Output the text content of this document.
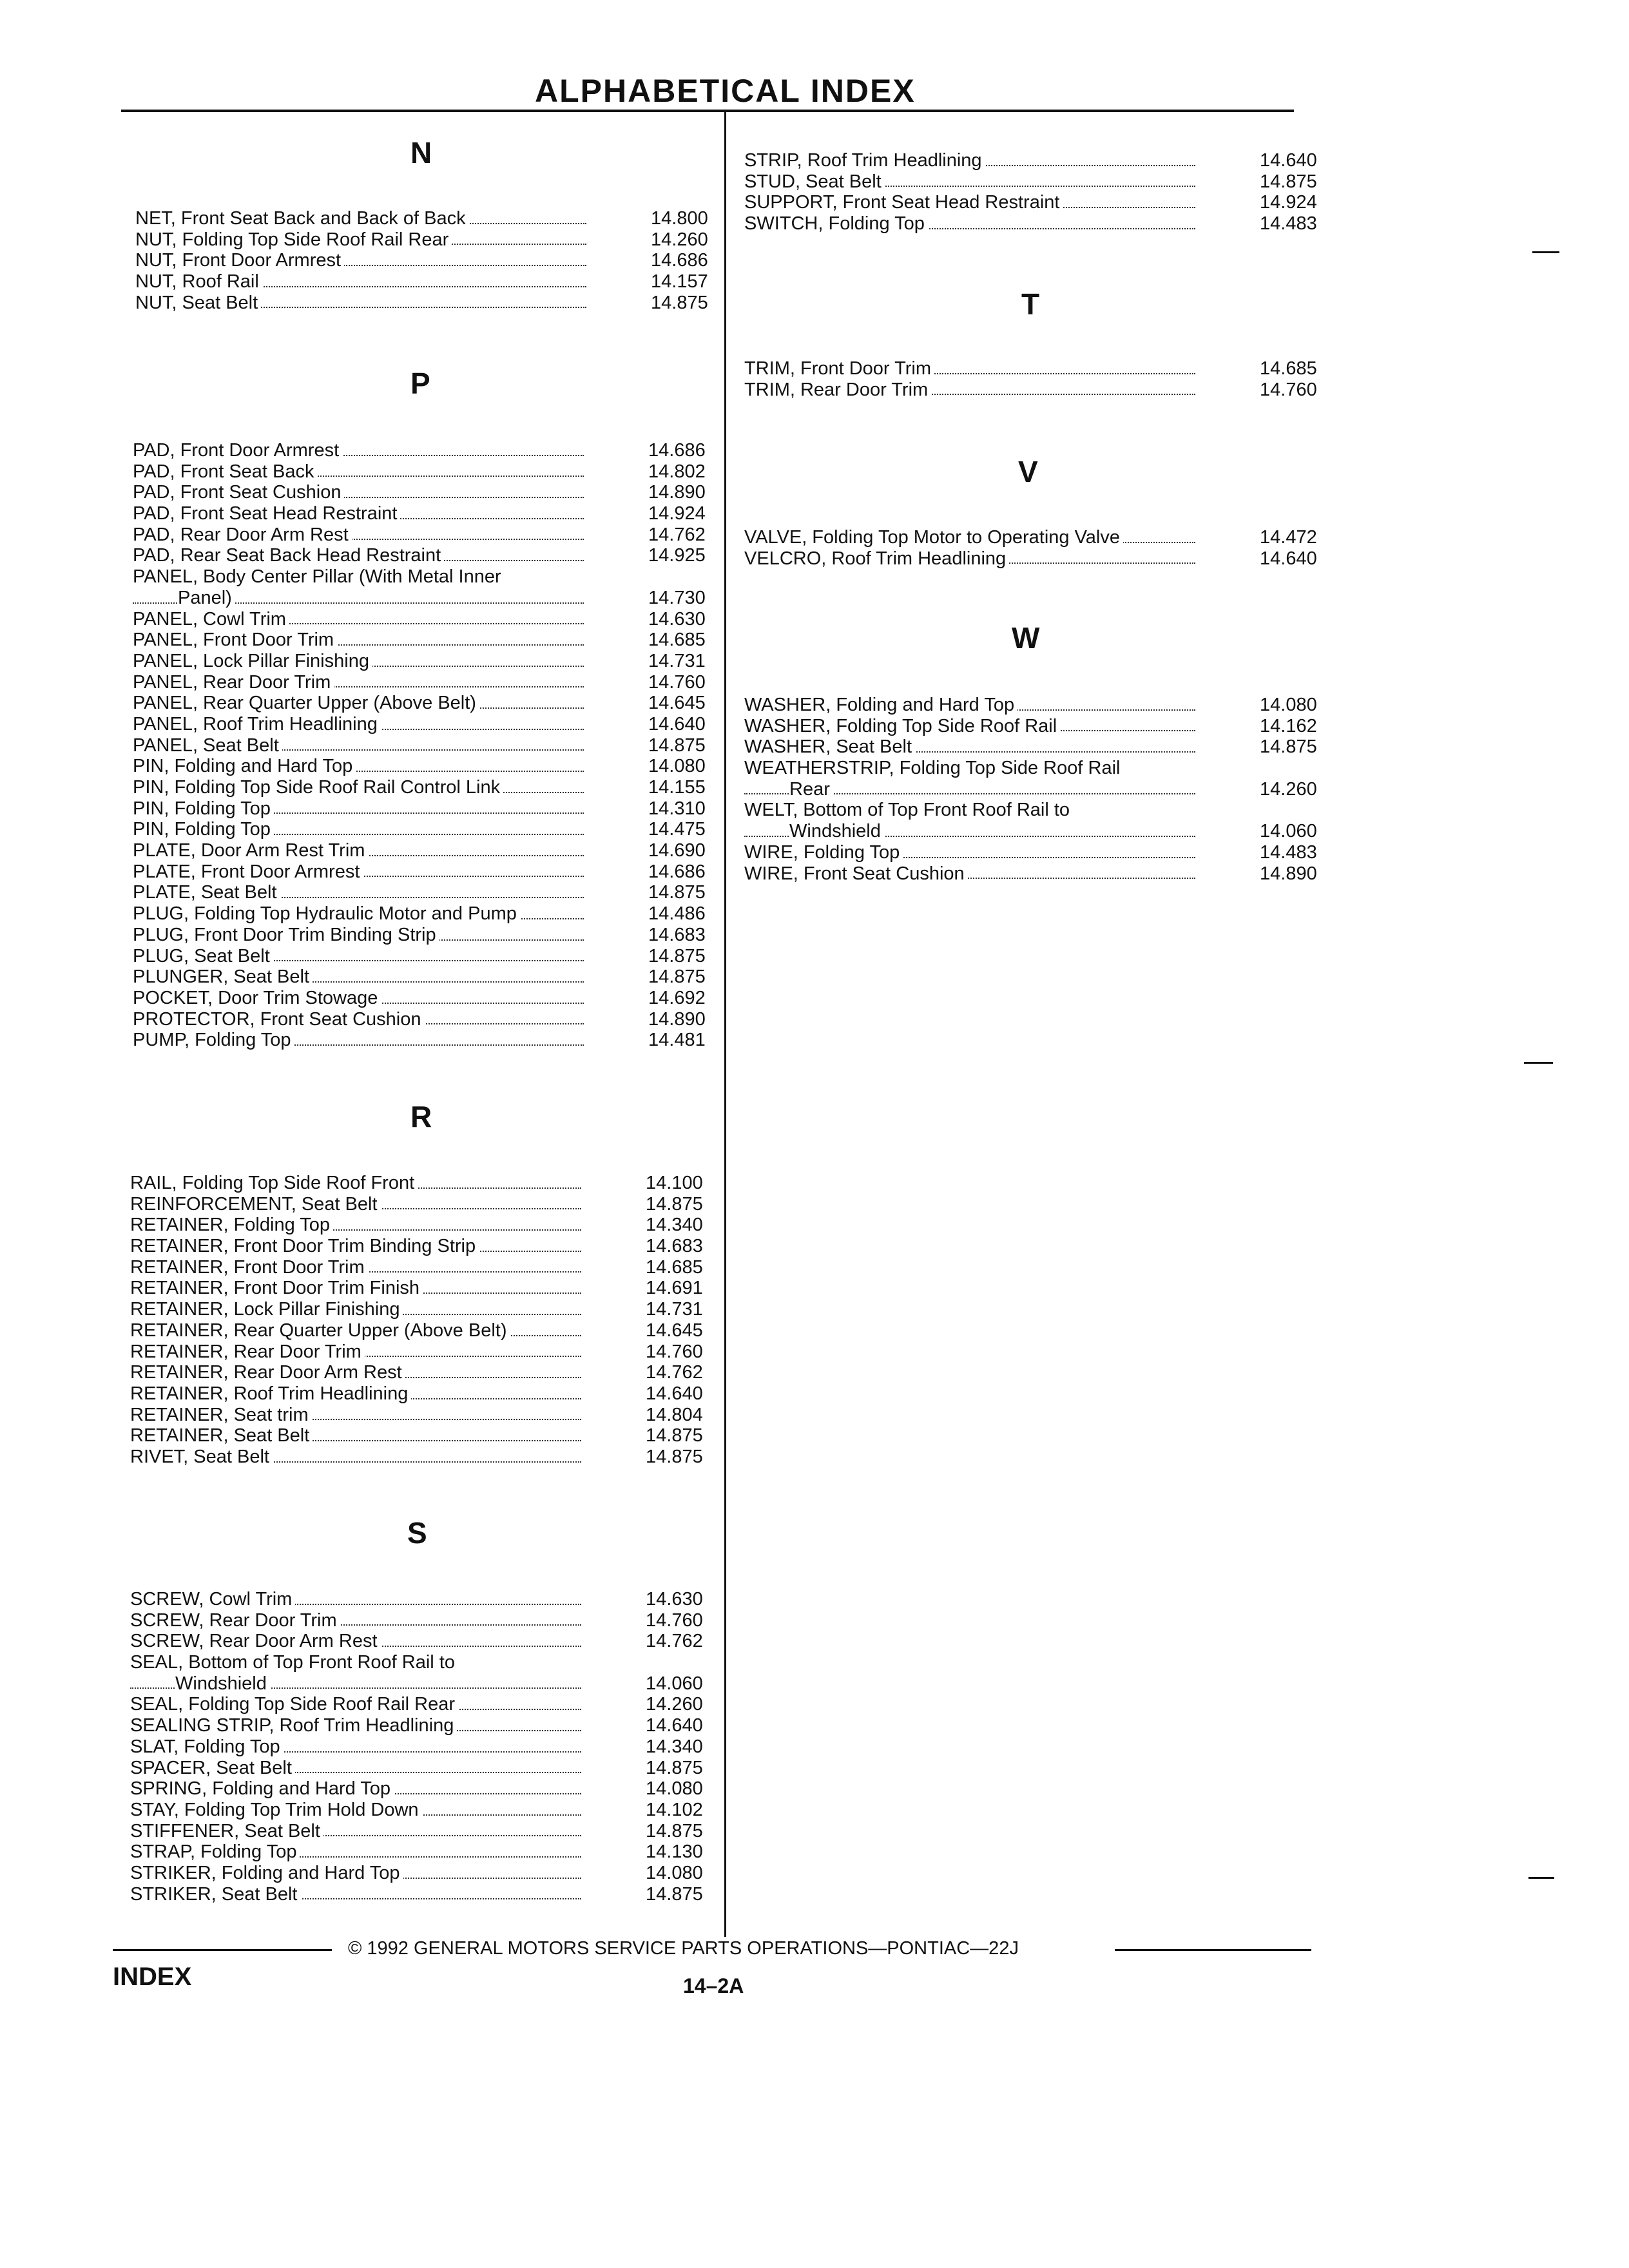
ALPHABETICAL INDEX
N
NET, Front Seat Back and Back of Back	14.800
NUT, Folding Top Side Roof Rail Rear	14.260
NUT, Front Door Armrest	14.686
NUT, Roof Rail	14.157
NUT, Seat Belt	14.875
P
PAD, Front Door Armrest	14.686
PAD, Front Seat Back	14.802
PAD, Front Seat Cushion	14.890
PAD, Front Seat Head Restraint	14.924
PAD, Rear Door Arm Rest	14.762
PAD, Rear Seat Back Head Restraint	14.925
PANEL, Body Center Pillar (With Metal Inner
Panel)	14.730
PANEL, Cowl Trim	14.630
PANEL, Front Door Trim	14.685
PANEL, Lock Pillar Finishing	14.731
PANEL, Rear Door Trim	14.760
PANEL, Rear Quarter Upper (Above Belt)	14.645
PANEL, Roof Trim Headlining	14.640
PANEL, Seat Belt	14.875
PIN, Folding and Hard Top	14.080
PIN, Folding Top Side Roof Rail Control Link	14.155
PIN, Folding Top	14.310
PIN, Folding Top	14.475
PLATE, Door Arm Rest Trim	14.690
PLATE, Front Door Armrest	14.686
PLATE, Seat Belt	14.875
PLUG, Folding Top Hydraulic Motor and Pump	14.486
PLUG, Front Door Trim Binding Strip	14.683
PLUG, Seat Belt	14.875
PLUNGER, Seat Belt	14.875
POCKET, Door Trim Stowage	14.692
PROTECTOR, Front Seat Cushion	14.890
PUMP, Folding Top	14.481
R
RAIL, Folding Top Side Roof Front	14.100
REINFORCEMENT, Seat Belt	14.875
RETAINER, Folding Top	14.340
RETAINER, Front Door Trim Binding Strip	14.683
RETAINER, Front Door Trim	14.685
RETAINER, Front Door Trim Finish	14.691
RETAINER, Lock Pillar Finishing	14.731
RETAINER, Rear Quarter Upper (Above Belt)	14.645
RETAINER, Rear Door Trim	14.760
RETAINER, Rear Door Arm Rest	14.762
RETAINER, Roof Trim Headlining	14.640
RETAINER, Seat trim	14.804
RETAINER, Seat Belt	14.875
RIVET, Seat Belt	14.875
S
SCREW, Cowl Trim	14.630
SCREW, Rear Door Trim	14.760
SCREW, Rear Door Arm Rest	14.762
SEAL, Bottom of Top Front Roof Rail to
Windshield	14.060
SEAL, Folding Top Side Roof Rail Rear	14.260
SEALING STRIP, Roof Trim Headlining	14.640
SLAT, Folding Top	14.340
SPACER, Seat Belt	14.875
SPRING, Folding and Hard Top	14.080
STAY, Folding Top Trim Hold Down	14.102
STIFFENER, Seat Belt	14.875
STRAP, Folding Top	14.130
STRIKER, Folding and Hard Top	14.080
STRIKER, Seat Belt	14.875
STRIP, Roof Trim Headlining	14.640
STUD, Seat Belt	14.875
SUPPORT, Front Seat Head Restraint	14.924
SWITCH, Folding Top	14.483
T
TRIM, Front Door Trim	14.685
TRIM, Rear Door Trim	14.760
V
VALVE, Folding Top Motor to Operating Valve	14.472
VELCRO, Roof Trim Headlining	14.640
W
WASHER, Folding and Hard Top	14.080
WASHER, Folding Top Side Roof Rail	14.162
WASHER, Seat Belt	14.875
WEATHERSTRIP, Folding Top Side Roof Rail
Rear	14.260
WELT, Bottom of Top Front Roof Rail to
Windshield	14.060
WIRE, Folding Top	14.483
WIRE, Front Seat Cushion	14.890
© 1992 GENERAL MOTORS SERVICE PARTS OPERATIONS—PONTIAC—22J
INDEX	14–2A
